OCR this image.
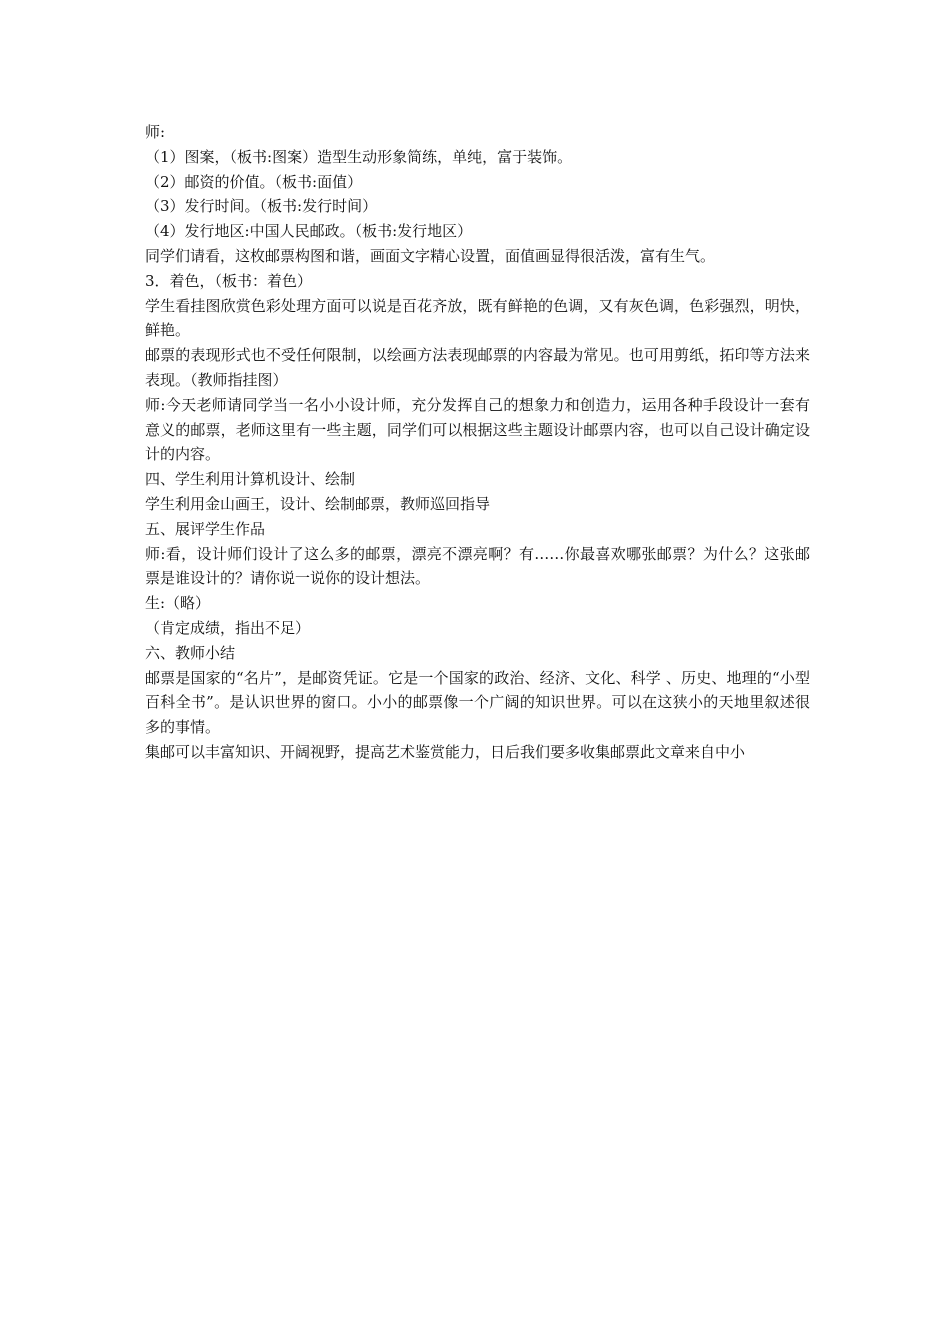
师:

（1）图案，（板书:图案）造型生动形象简练，单纯，富于装饰。

（2）邮资的价值。（板书:面值）

（3）发行时间。（板书:发行时间）

（4）发行地区:中国人民邮政。（板书:发行地区）

同学们请看，这枚邮票构图和谐，画面文字精心设置，面值画显得很活泼，富有生气。

3．着色，（板书：着色）

学生看挂图欣赏色彩处理方面可以说是百花齐放，既有鲜艳的色调，又有灰色调，色彩强烈，明快，鲜艳。

邮票的表现形式也不受任何限制，以绘画方法表现邮票的内容最为常见。也可用剪纸，拓印等方法来表现。（教师指挂图）

师:今天老师请同学当一名小小设计师，充分发挥自己的想象力和创造力，运用各种手段设计一套有意义的邮票，老师这里有一些主题，同学们可以根据这些主题设计邮票内容，也可以自己设计确定设计的内容。

四、学生利用计算机设计、绘制

学生利用金山画王，设计、绘制邮票，教师巡回指导

五、展评学生作品

师:看，设计师们设计了这么多的邮票，漂亮不漂亮啊？有……你最喜欢哪张邮票？为什么？这张邮票是谁设计的？请你说一说你的设计想法。

生:（略）

（肯定成绩，指出不足）

六、教师小结

邮票是国家的“名片”，是邮资凭证。它是一个国家的政治、经济、文化、科学 、历史、地理的“小型百科全书”。是认识世界的窗口。小小的邮票像一个广阔的知识世界。可以在这狭小的天地里叙述很多的事情。

集邮可以丰富知识、开阔视野，提高艺术鉴赏能力，日后我们要多收集邮票此文章来自中小
